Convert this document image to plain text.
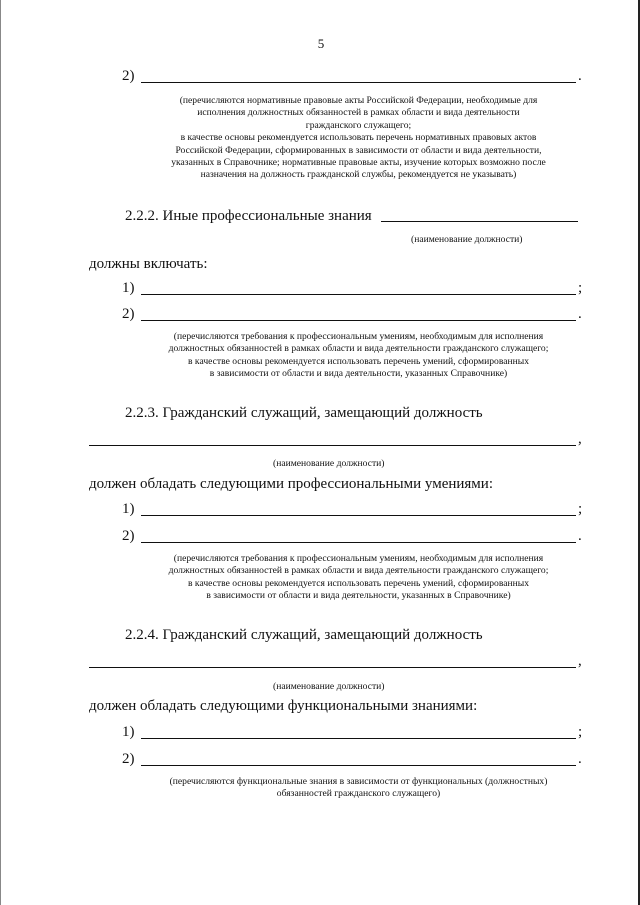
5
2)	.
(перечисляются нормативные правовые акты Российской Федерации, необходимые для
исполнения должностных обязанностей в рамках области и вида деятельности
гражданского служащего;
в качестве основы рекомендуется использовать перечень нормативных правовых актов
Российской Федерации, сформированных в зависимости от области и вида деятельности,
указанных в Справочнике; нормативные правовые акты, изучение которых возможно после
назначения на должность гражданской службы, рекомендуется не указывать)
2.2.2. Иные профессиональные знания
(наименование должности)
должны включать:
1)	;
2)	.
(перечисляются требования к профессиональным умениям, необходимым для исполнения
должностных обязанностей в рамках области и вида деятельности гражданского служащего;
в качестве основы рекомендуется использовать перечень умений, сформированных
в зависимости от области и вида деятельности, указанных Справочнике)
2.2.3. Гражданский служащий, замещающий должность
,
(наименование должности)
должен обладать следующими профессиональными умениями:
1)	;
2)	.
(перечисляются требования к профессиональным умениям, необходимым для исполнения
должностных обязанностей в рамках области и вида деятельности гражданского служащего;
в качестве основы рекомендуется использовать перечень умений, сформированных
в зависимости от области и вида деятельности, указанных в Справочнике)
2.2.4. Гражданский служащий, замещающий должность
,
(наименование должности)
должен обладать следующими функциональными знаниями:
1)	;
2)	.
(перечисляются функциональные знания в зависимости от функциональных (должностных)
обязанностей гражданского служащего)
